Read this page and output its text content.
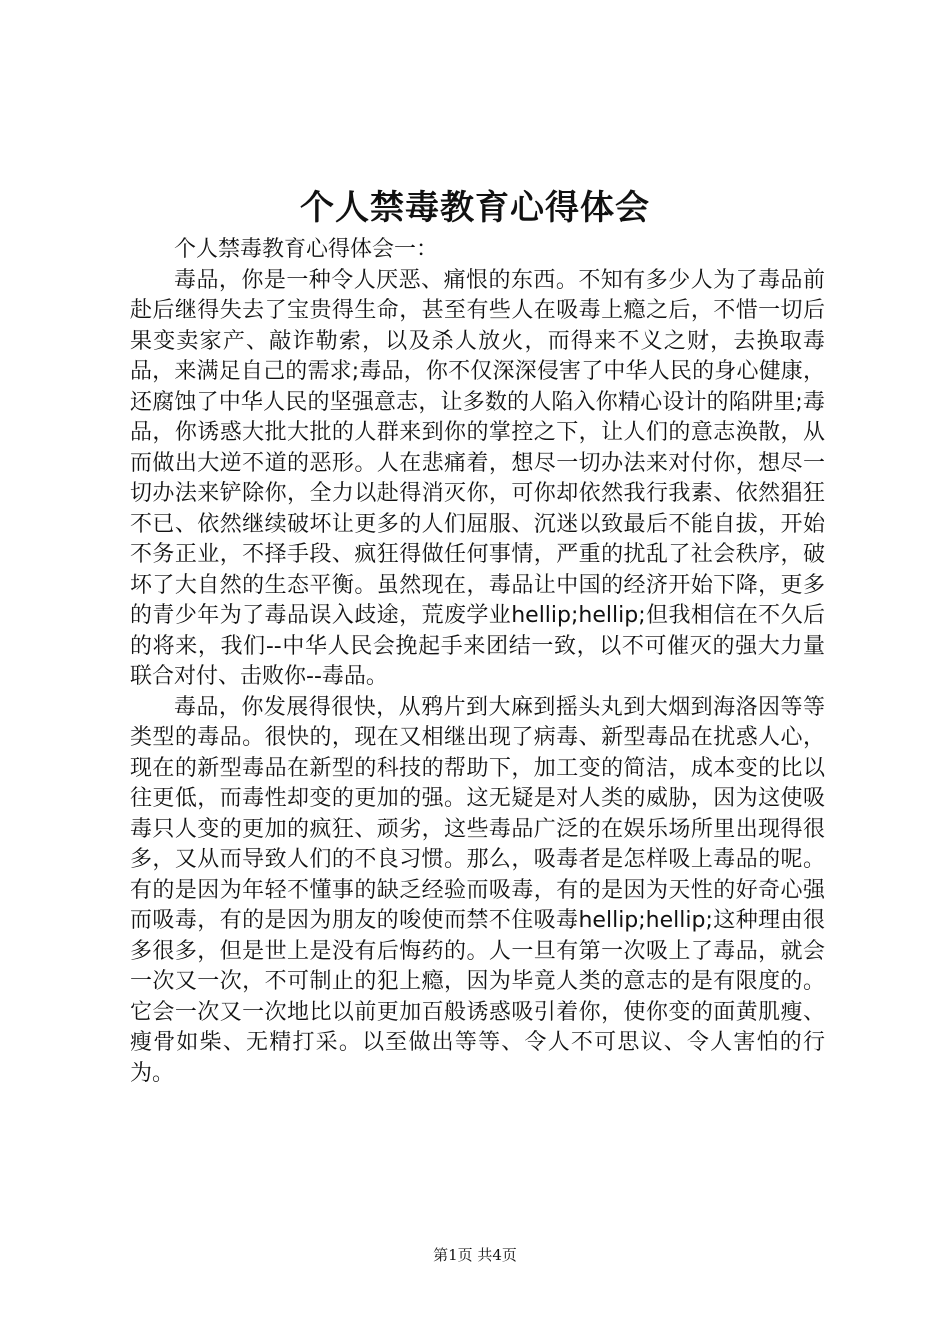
个人禁毒教育心得体会

个人禁毒教育心得体会一：

毒品，你是一种令人厌恶、痛恨的东西。不知有多少人为了毒品前赴后继得失去了宝贵得生命，甚至有些人在吸毒上瘾之后，不惜一切后果变卖家产、敲诈勒索，以及杀人放火，而得来不义之财，去换取毒品，来满足自己的需求;毒品，你不仅深深侵害了中华人民的身心健康，还腐蚀了中华人民的坚强意志，让多数的人陷入你精心设计的陷阱里;毒品，你诱惑大批大批的人群来到你的掌控之下，让人们的意志涣散，从而做出大逆不道的恶形。人在悲痛着，想尽一切办法来对付你，想尽一切办法来铲除你，全力以赴得消灭你，可你却依然我行我素、依然猖狂不已、依然继续破坏让更多的人们屈服、沉迷以致最后不能自拔，开始不务正业，不择手段、疯狂得做任何事情，严重的扰乱了社会秩序，破坏了大自然的生态平衡。虽然现在，毒品让中国的经济开始下降，更多的青少年为了毒品误入歧途，荒废学业hellip;hellip;但我相信在不久后的将来，我们--中华人民会挽起手来团结一致，以不可催灭的强大力量联合对付、击败你--毒品。

毒品，你发展得很快，从鸦片到大麻到摇头丸到大烟到海洛因等等类型的毒品。很快的，现在又相继出现了病毒、新型毒品在扰惑人心，现在的新型毒品在新型的科技的帮助下，加工变的简洁，成本变的比以往更低，而毒性却变的更加的强。这无疑是对人类的威胁，因为这使吸毒只人变的更加的疯狂、顽劣，这些毒品广泛的在娱乐场所里出现得很多，又从而导致人们的不良习惯。那么，吸毒者是怎样吸上毒品的呢。有的是因为年轻不懂事的缺乏经验而吸毒，有的是因为天性的好奇心强而吸毒，有的是因为朋友的唆使而禁不住吸毒hellip;hellip;这种理由很多很多，但是世上是没有后悔药的。人一旦有第一次吸上了毒品，就会一次又一次，不可制止的犯上瘾，因为毕竟人类的意志的是有限度的。它会一次又一次地比以前更加百般诱惑吸引着你，使你变的面黄肌瘦、瘦骨如柴、无精打采。以至做出等等、令人不可思议、令人害怕的行为。

第1页 共4页
